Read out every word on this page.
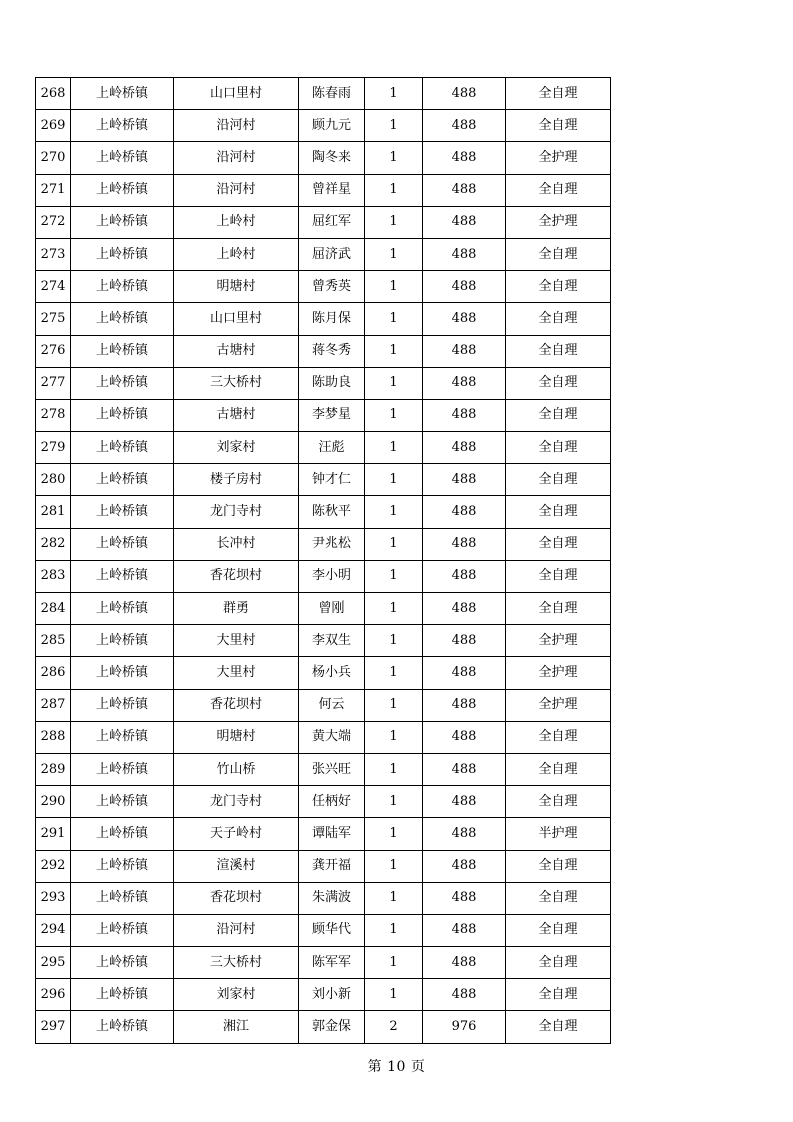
268	上岭桥镇	山口里村	陈春雨	1	488	全自理
269	上岭桥镇	沿河村	顾九元	1	488	全自理
270	上岭桥镇	沿河村	陶冬来	1	488	全护理
271	上岭桥镇	沿河村	曾祥星	1	488	全自理
272	上岭桥镇	上岭村	屈红军	1	488	全护理
273	上岭桥镇	上岭村	屈济武	1	488	全自理
274	上岭桥镇	明塘村	曾秀英	1	488	全自理
275	上岭桥镇	山口里村	陈月保	1	488	全自理
276	上岭桥镇	古塘村	蒋冬秀	1	488	全自理
277	上岭桥镇	三大桥村	陈助良	1	488	全自理
278	上岭桥镇	古塘村	李梦星	1	488	全自理
279	上岭桥镇	刘家村	汪彪	1	488	全自理
280	上岭桥镇	楼子房村	钟才仁	1	488	全自理
281	上岭桥镇	龙门寺村	陈秋平	1	488	全自理
282	上岭桥镇	长冲村	尹兆松	1	488	全自理
283	上岭桥镇	香花坝村	李小明	1	488	全自理
284	上岭桥镇	群勇	曾刚	1	488	全自理
285	上岭桥镇	大里村	李双生	1	488	全护理
286	上岭桥镇	大里村	杨小兵	1	488	全护理
287	上岭桥镇	香花坝村	何云	1	488	全护理
288	上岭桥镇	明塘村	黄大端	1	488	全自理
289	上岭桥镇	竹山桥	张兴旺	1	488	全自理
290	上岭桥镇	龙门寺村	任柄好	1	488	全自理
291	上岭桥镇	天子岭村	谭陆军	1	488	半护理
292	上岭桥镇	渲溪村	龚开福	1	488	全自理
293	上岭桥镇	香花坝村	朱满波	1	488	全自理
294	上岭桥镇	沿河村	顾华代	1	488	全自理
295	上岭桥镇	三大桥村	陈军军	1	488	全自理
296	上岭桥镇	刘家村	刘小新	1	488	全自理
297	上岭桥镇	湘江	郭金保	2	976	全自理
第 10 页
